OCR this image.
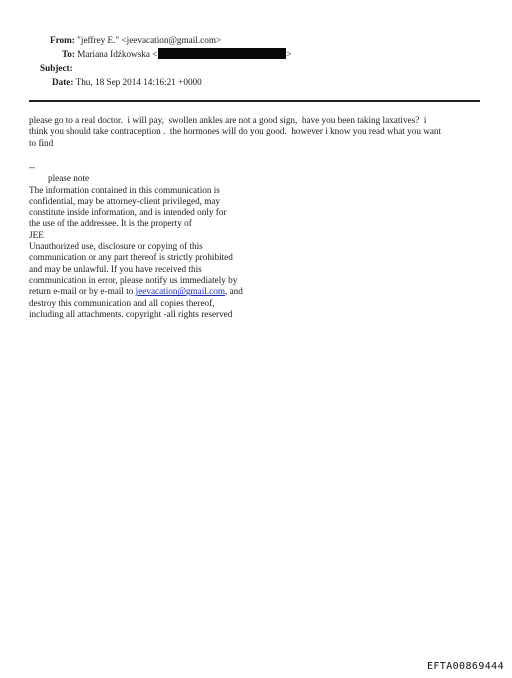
From: "jeffrey E." <jeevacation@gmail.com>
To: Mariana Idźkowska <	>
Subject:
Date: Thu, 18 Sep 2014 14:16:21 +0000
please go to a real doctor.  i will pay,  swollen ankles are not a good sign,  have you been taking laxatives?  i
think you should take contraception .  the hormones will do you good.  however i know you read what you want
to find
--
please note
The information contained in this communication is
confidential, may be attorney-client privileged, may
constitute inside information, and is intended only for
the use of the addressee. It is the property of
JEE
Unauthorized use, disclosure or copying of this
communication or any part thereof is strictly prohibited
and may be unlawful. If you have received this
communication in error, please notify us immediately by
return e-mail or by e-mail to jeevacation@gmail.com, and
destroy this communication and all copies thereof,
including all attachments. copyright -all rights reserved
EFTA00869444
